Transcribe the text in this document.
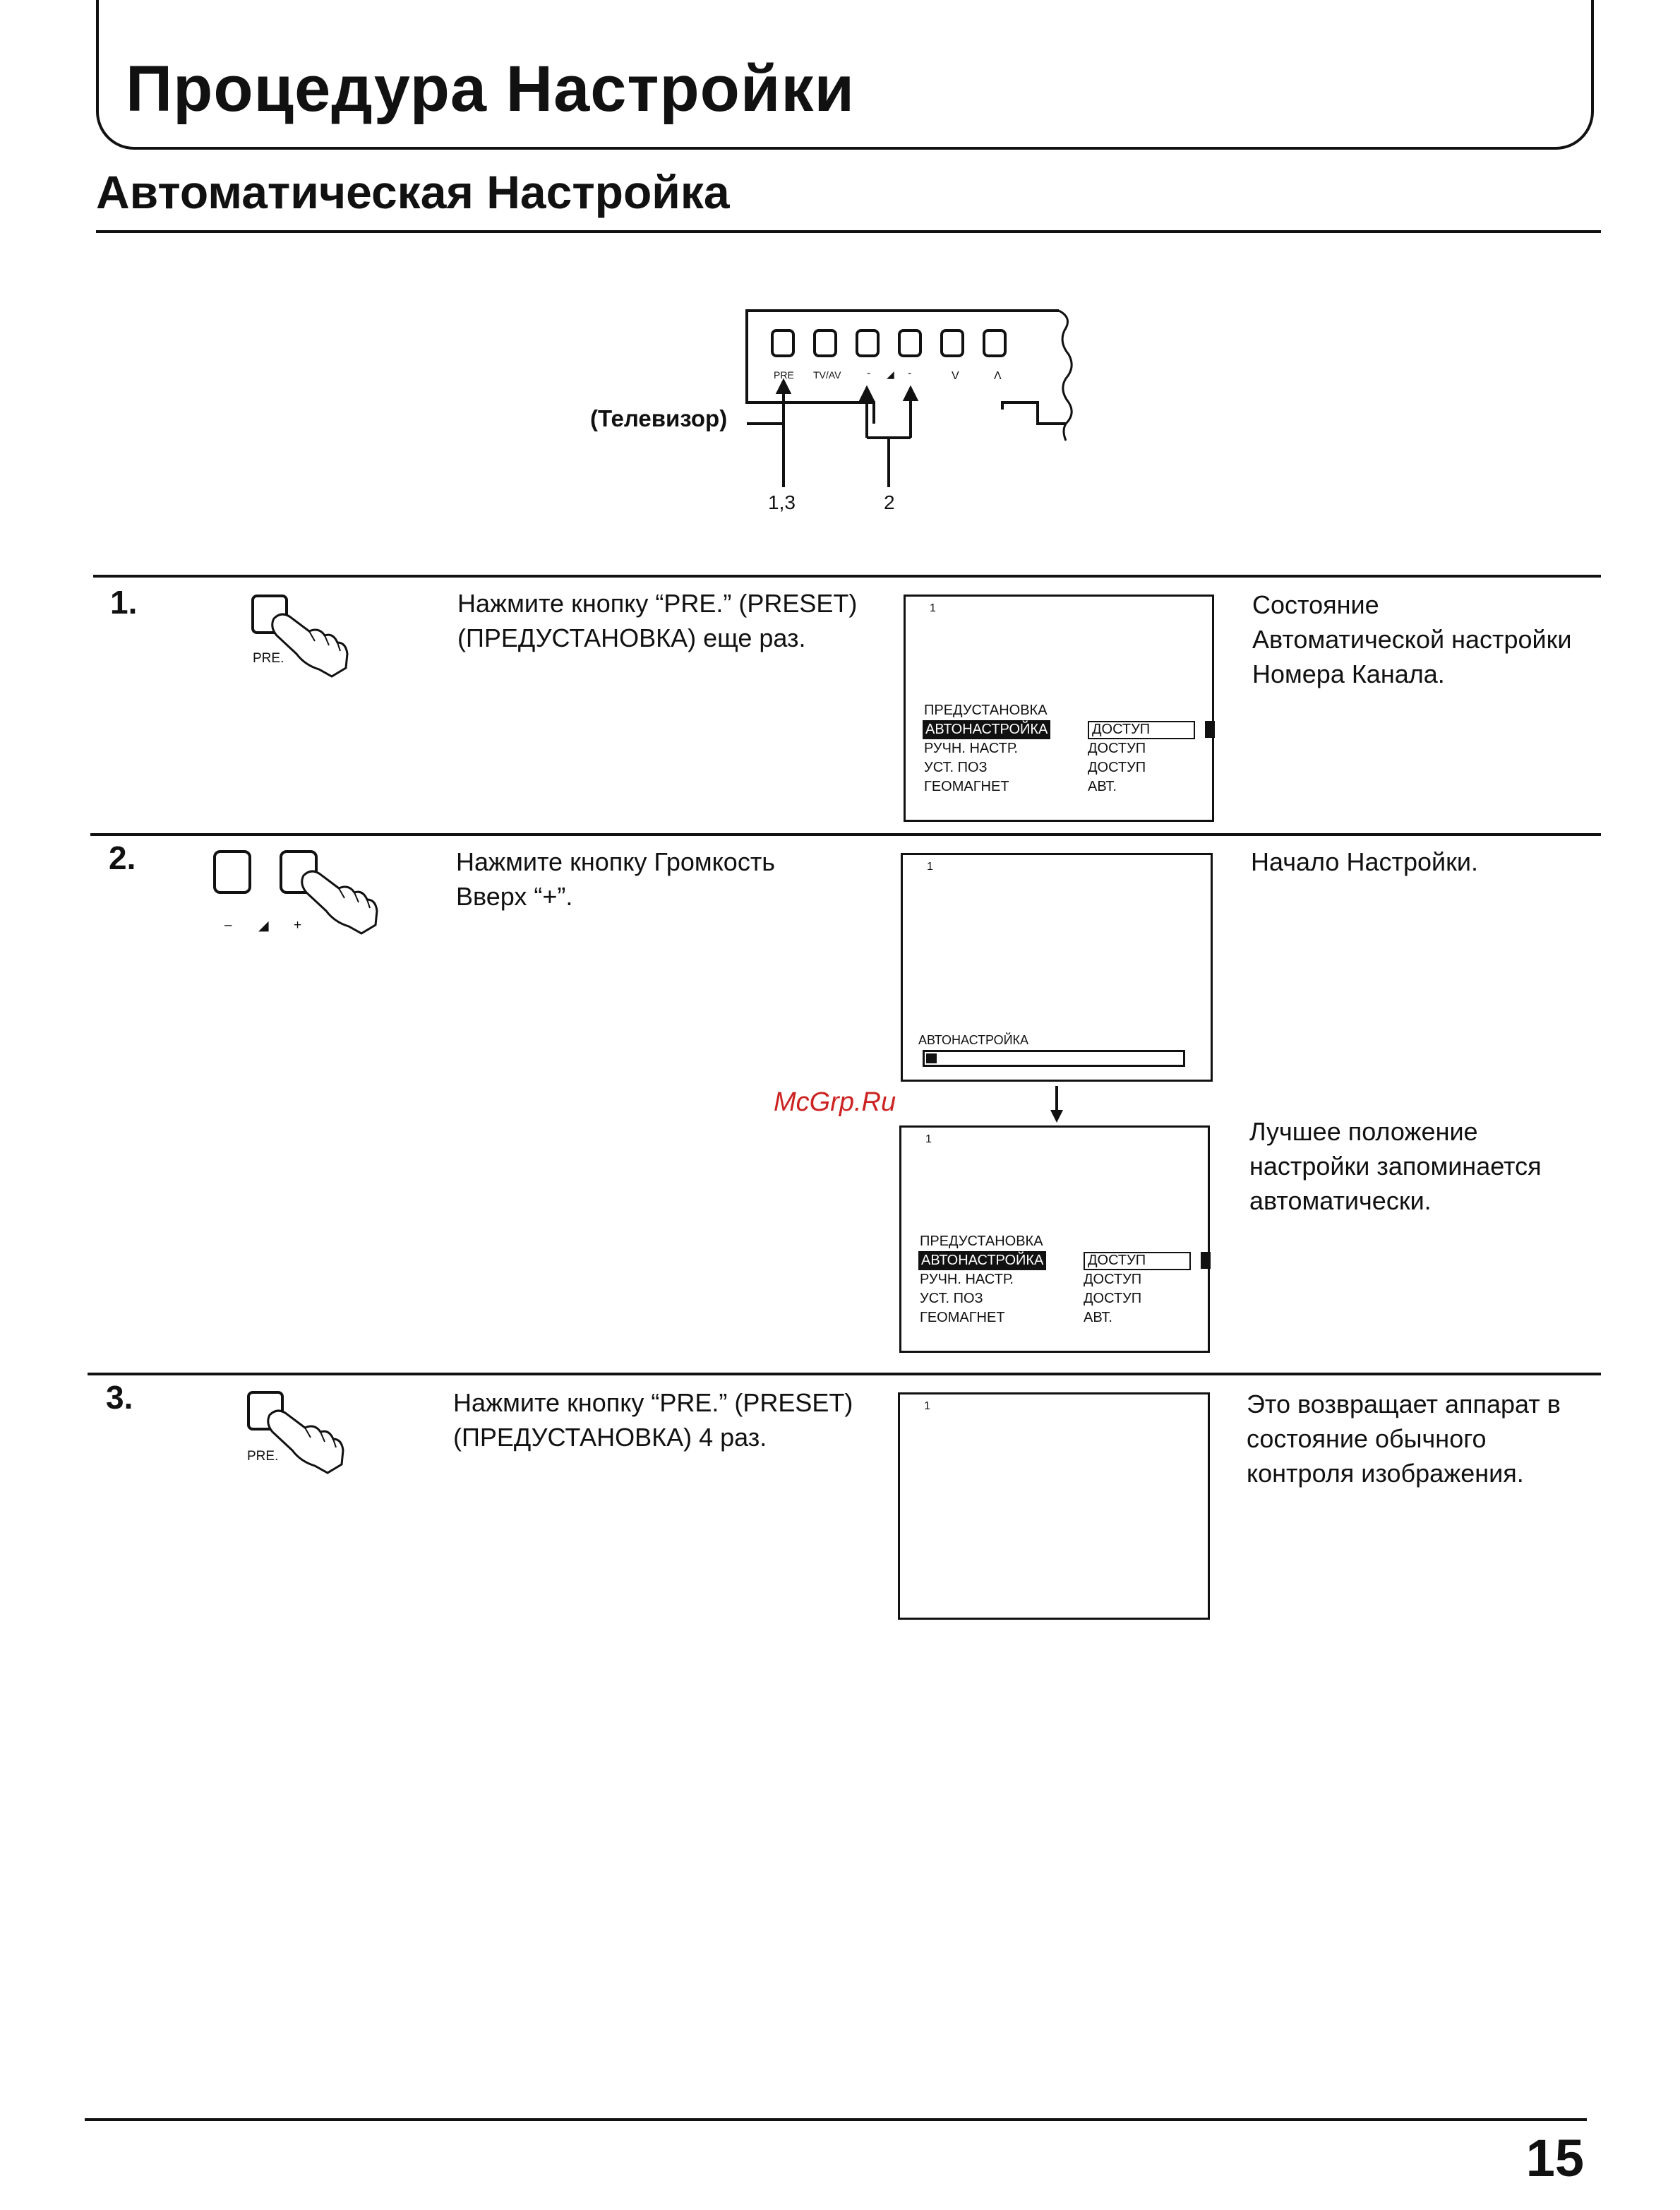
Процедура Настройки
Автоматическая Настройка
PRE TV/AV - ◢ -	V	Λ
1,3	2
(Телевизор)
1.
PRE.
Нажмите кнопку “PRE.” (PRESET)
(ПРЕДУСТАНОВКА) еще раз.
1
ПРЕДУСТАНОВКА
АВТОНАСТРОЙКА	ДОСТУП
РУЧН. НАСТР.	ДОСТУП
УСТ. ПОЗ	ДОСТУП
ГЕОМАГНЕТ	АВТ.
Состояние
Автоматической настройки
Номера Канала.
2.
– ◢ +
Нажмите кнопку Громкость
Вверх “+”.
1
АВТОНАСТРОЙКА
Начало Настройки.
McGrp.Ru
1
ПРЕДУСТАНОВКА
АВТОНАСТРОЙКА	ДОСТУП
РУЧН. НАСТР.	ДОСТУП
УСТ. ПОЗ	ДОСТУП
ГЕОМАГНЕТ	АВТ.
Лучшее положение
настройки запоминается
автоматически.
3.
PRE.
Нажмите кнопку “PRE.” (PRESET)
(ПРЕДУСТАНОВКА) 4 раз.
1	Это возвращает аппарат в
состояние обычного
контроля изображения.
15
